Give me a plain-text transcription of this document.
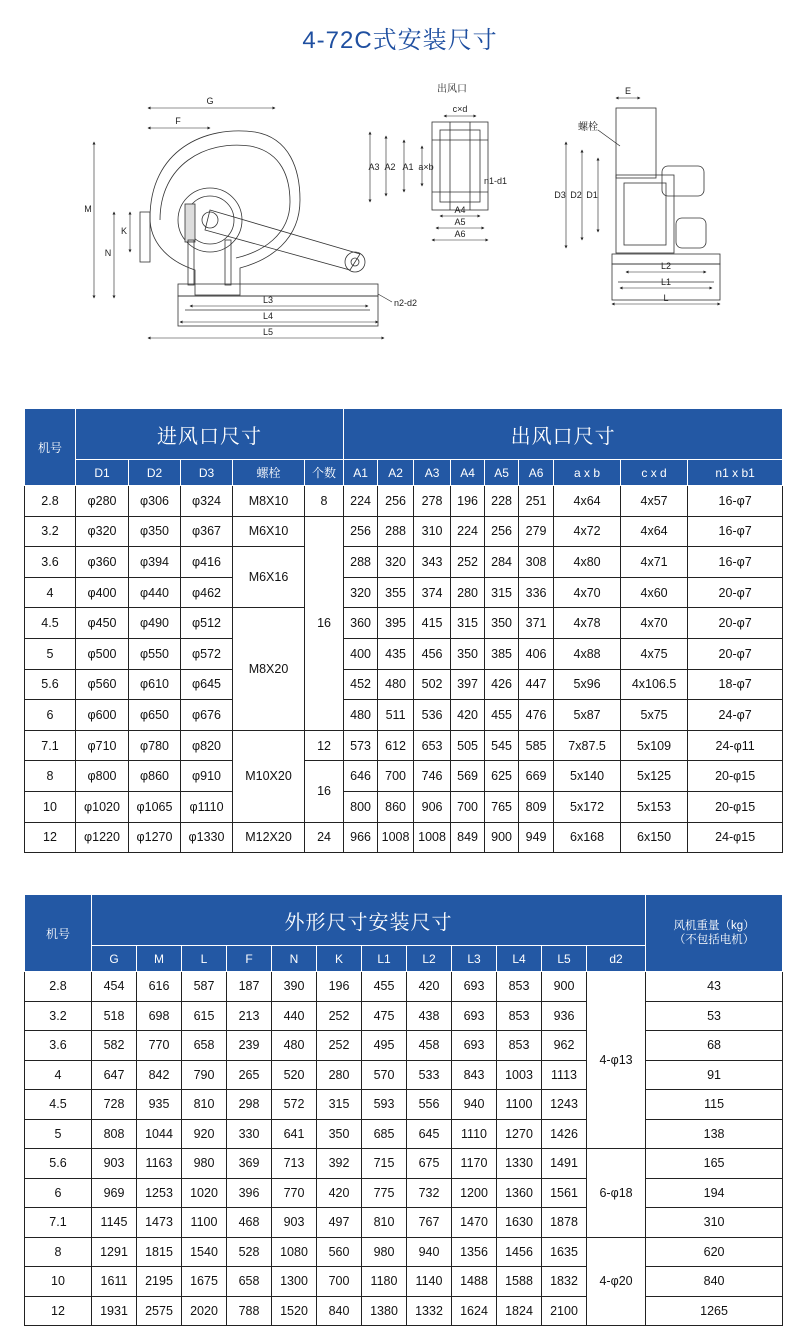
4-72C式安装尺寸
G
F
M
N
K
L3
L4
L5
n2-d2
出风口
c×d
a×b
A1
A2
A3
n1-d1
A4
A5
A6
E
螺栓
D3 D2 D1
L2
L1
L
机号	进风口尺寸					出风口尺寸								
	D1	D2	D3	螺栓	个数	A1	A2	A3	A4	A5	A6	a x b	c x d	n1 x b1
2.8	φ280	φ306	φ324	M8X10	8	224	256	278	196	228	251	4x64	4x57	16-φ7
3.2	φ320	φ350	φ367	M6X10	16	256	288	310	224	256	279	4x72	4x64	16-φ7
3.6	φ360	φ394	φ416	M6X16		288	320	343	252	284	308	4x80	4x71	16-φ7
4	φ400	φ440	φ462			320	355	374	280	315	336	4x70	4x60	20-φ7
4.5	φ450	φ490	φ512	M8X20		360	395	415	315	350	371	4x78	4x70	20-φ7
5	φ500	φ550	φ572			400	435	456	350	385	406	4x88	4x75	20-φ7
5.6	φ560	φ610	φ645			452	480	502	397	426	447	5x96	4x106.5	18-φ7
6	φ600	φ650	φ676			480	511	536	420	455	476	5x87	5x75	24-φ7
7.1	φ710	φ780	φ820	M10X20	12	573	612	653	505	545	585	7x87.5	5x109	24-φ11
8	φ800	φ860	φ910		16	646	700	746	569	625	669	5x140	5x125	20-φ15
10	φ1020	φ1065	φ1110			800	860	906	700	765	809	5x172	5x153	20-φ15
12	φ1220	φ1270	φ1330	M12X20	24	966	1008	1008	849	900	949	6x168	6x150	24-φ15
机号	外形尺寸安装尺寸												风机重量（kg）
（不包括电机）
	G	M	L	F	N	K	L1	L2	L3	L4	L5	d2	
2.8	454	616	587	187	390	196	455	420	693	853	900	4-φ13	43
3.2	518	698	615	213	440	252	475	438	693	853	936		53
3.6	582	770	658	239	480	252	495	458	693	853	962		68
4	647	842	790	265	520	280	570	533	843	1003	1113		91
4.5	728	935	810	298	572	315	593	556	940	1100	1243		115
5	808	1044	920	330	641	350	685	645	1110	1270	1426		138
5.6	903	1163	980	369	713	392	715	675	1170	1330	1491	6-φ18	165
6	969	1253	1020	396	770	420	775	732	1200	1360	1561		194
7.1	1145	1473	1100	468	903	497	810	767	1470	1630	1878		310
8	1291	1815	1540	528	1080	560	980	940	1356	1456	1635	4-φ20	620
10	1611	2195	1675	658	1300	700	1180	1140	1488	1588	1832		840
12	1931	2575	2020	788	1520	840	1380	1332	1624	1824	2100		1265
